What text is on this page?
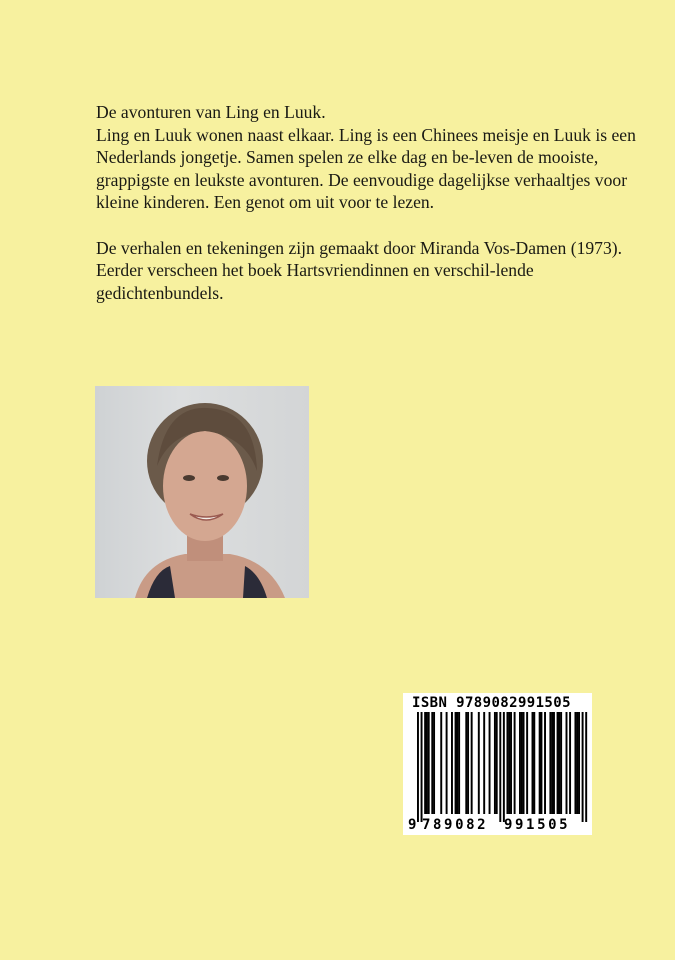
De avonturen van Ling en Luuk.

Ling en Luuk wonen naast elkaar. Ling is een Chinees meisje en Luuk is een Nederlands jongetje. Samen spelen ze elke dag en be-leven de mooiste, grappigste en leukste avonturen. De eenvoudige dagelijkse verhaaltjes voor kleine kinderen. Een genot om uit voor te lezen.

De verhalen en tekeningen zijn gemaakt door Miranda Vos-Damen (1973). Eerder verscheen het boek Hartsvriendinnen en verschil-lende gedichtenbundels.

ISBN 9789082991505
9 789082 991505
